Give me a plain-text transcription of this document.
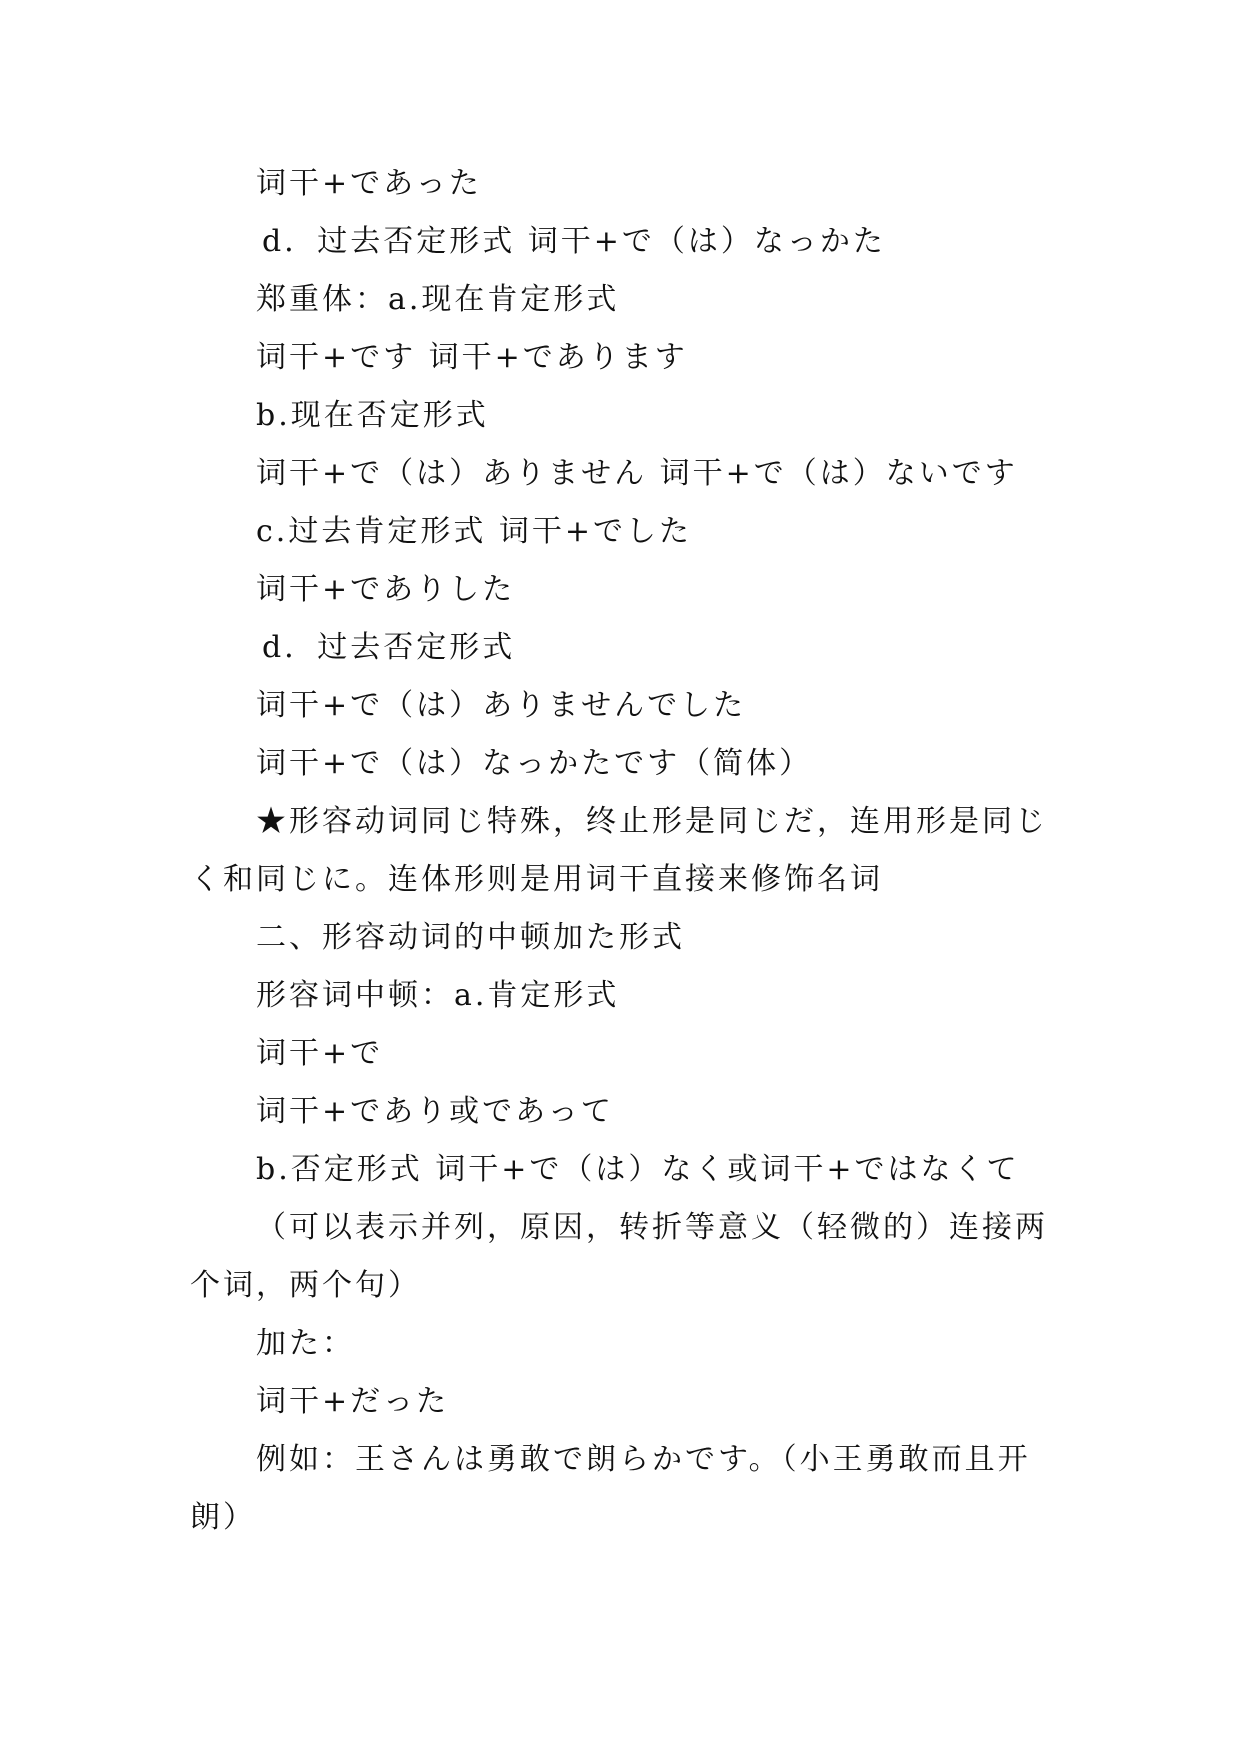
词干+であった
d．过去否定形式 词干+で（は）なっかた
郑重体：a.现在肯定形式
词干+です 词干+であります
b.现在否定形式
词干+で（は）ありません 词干+で（は）ないです
c.过去肯定形式 词干+でした
词干+でありした
d．过去否定形式
词干+で（は）ありませんでした
词干+で（は）なっかたです（简体）
★形容动词同じ特殊，终止形是同じだ，连用形是同じ
く和同じに。连体形则是用词干直接来修饰名词
二、形容动词的中顿加た形式
形容词中顿：a.肯定形式
词干+で
词干+であり或であって
b.否定形式 词干+で（は）なく或词干+ではなくて
（可以表示并列，原因，转折等意义（轻微的）连接两
个词，两个句）
加た：
词干+だった
例如：王さんは勇敢で朗らかです。（小王勇敢而且开
朗）
